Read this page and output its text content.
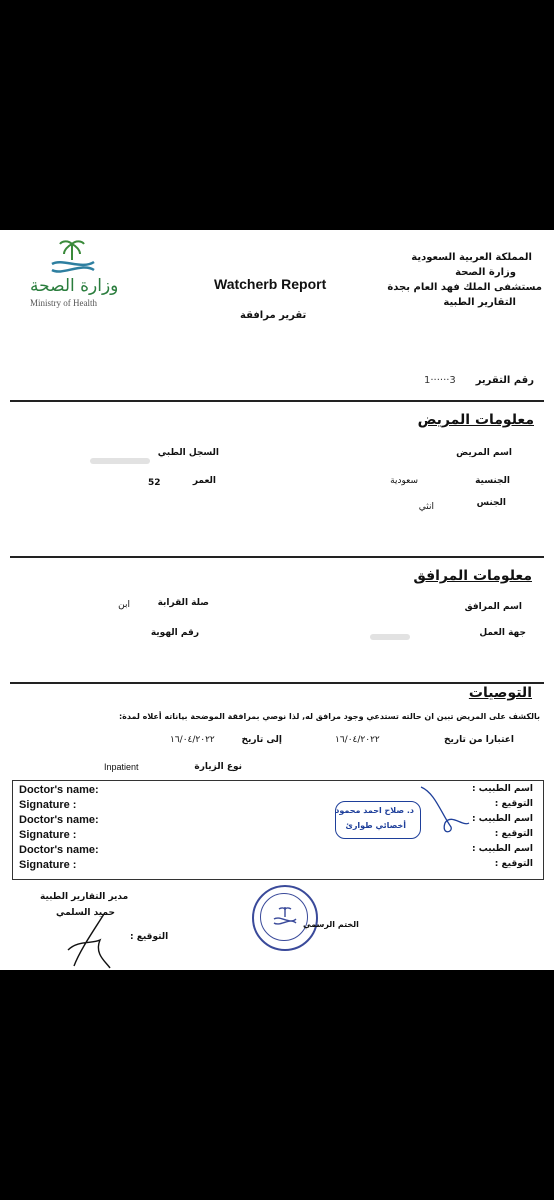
المملكة العربية السعودية
وزارة الصحة
مستشفى الملك فهد العام بجدة
التقارير الطبية
Watcherb Report
تقرير مرافقة
وزارة الصحة
Ministry of Health
رقم التقرير
1‧‧‧‧‧‧3
معلومات المريض
اسم المريض
السجل الطبي
الجنسية
سعودية
العمر
52
الجنس
انثي
معلومات المرافق
اسم المرافق
صلة القرابة
ابن
جهة العمل
رقم الهوية
التوصيات
بالكشف على المريض تبين ان حالته تستدعي وجود مرافق له, لذا نوصي بمرافقة الموضحة بياناته أعلاه لمدة:
اعتبارا من تاريخ
١٦/٠٤/٢٠٢٢
إلى تاريخ
١٦/٠٤/٢٠٢٢
نوع الزيارة
Inpatient
Doctor's name:
Signature :
Doctor's name:
Signature :
Doctor's name:
Signature :
اسم الطبيب :
التوقيع :
اسم الطبيب :
التوقيع :
اسم الطبيب :
التوقيع :
د. صلاح احمد محمود
أخصائي طوارئ
مدير التقارير الطبية
حميد السلمي
التوقيع :
الختم الرسمي
